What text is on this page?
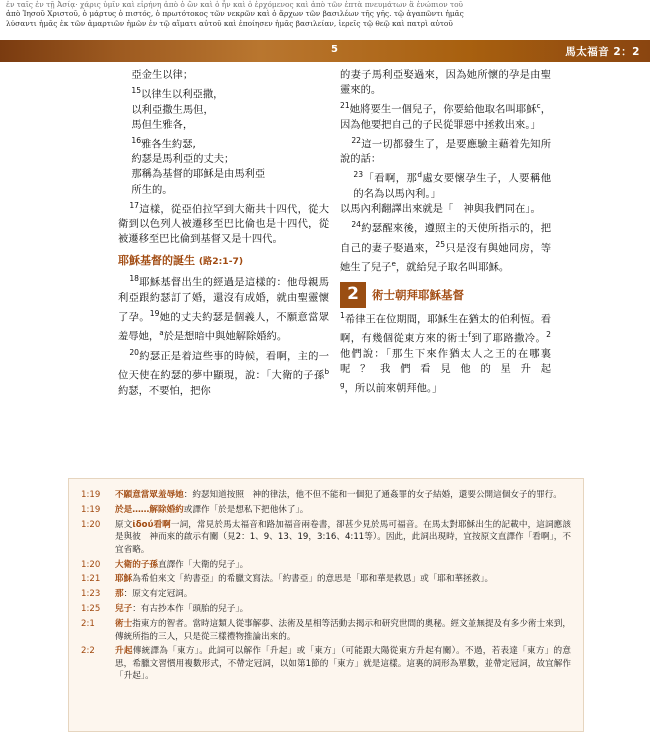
ἐν ταῖς ἐν τῇ Ἀσίᾳ· χάρις ὑμῖν καὶ εἰρήνη ἀπὸ ὁ ὢν καὶ ὁ ἦν καὶ ὁ ἐρχόμενος καὶ ἀπὸ τῶν ἑπτὰ πνευμάτων ἃ ἐνώπιον τοῦ
ἀπὸ Ἰησοῦ Χριστοῦ, ὁ μάρτυς ὁ πιστός, ὁ πρωτότοκος τῶν νεκρῶν καὶ ὁ ἄρχων τῶν βασιλέων τῆς γῆς. τῷ ἀγαπῶντι ἡμᾶς
λύσαντι ἡμᾶς ἐκ τῶν ἁμαρτιῶν ἡμῶν ἐν τῷ αἵματι αὐτοῦ καὶ ἐποίησεν ἡμᾶς βασιλείαν, ἱερεῖς τῷ θεῷ καὶ πατρὶ αὐτοῦ
5	馬太福音 2：2

亞金生以律；

$^{15}$以律生以利亞撒，

以利亞撒生馬但，

馬但生雅各，

$^{16}$雅各生約瑟,

約瑟是馬利亞的丈夫；

那稱為基督的耶穌是由馬利亞

所生的。

$^{17}$這樣，從亞伯拉罕到大衛共十四代，從大衛到以色列人被遷移至巴比倫也是十四代，從被遷移至巴比倫到基督又是十四代。

耶穌基督的誕生 (路2:1-7)

$^{18}$耶穌基督出生的經過是這樣的：他母親馬利亞跟約瑟訂了婚，還沒有成婚，就由聖靈懷了孕。$^{19}$她的丈夫約瑟是個義人，不願意當眾羞辱她，$^a$於是想暗中與她解除婚約。

$^{20}$約瑟正是着這些事的時候，看啊，主的一位天使在約瑟的夢中顯現，說：「大衛的子孫$^b$約瑟，不要怕，把你

的妻子馬利亞娶過來，因為她所懷的孕是由聖靈來的。

$^{21}$她將要生一個兒子，你要給他取名叫耶穌$^c$，因為他要把自己的子民從罪惡中拯救出來。」

$^{22}$這一切都發生了，是要應驗主藉着先知所說的話：

$^{23}$「看啊，那$^d$處女要懷孕生子，人要稱他的名為以馬內利。」

以馬內利翻譯出來就是「　神與我們同在」。

$^{24}$約瑟醒來後，遵照主的天使所指示的，把自己的妻子娶過來，$^{25}$只是沒有與她同房，等她生了兒子$^e$，就給兒子取名叫耶穌。

2	術士朝拜耶穌基督

$^1$希律王在位期間，耶穌生在猶太的伯利恆。看啊，有幾個從東方來的術士$^f$到了耶路撒冷。$^2$他們說：「那生下來作猶太人之王的在哪裏呢？我們看見他的星升起$^g$，所以前來朝拜他。」

1:19	不願意當眾羞辱她：約瑟知道按照　神的律法，他不但不能和一個犯了通姦罪的女子結婚，還要公開這個女子的罪行。
1:19	於是……解除婚約或譯作「於是想私下把他休了」。
1:20	原文ἰδού看啊一詞，常見於馬太福音和路加福音兩卷書，卻甚少見於馬可福音。在馬太對耶穌出生的記載中，這詞應該是與彼　神而來的啟示有關（見2：1、9、13、19，3:16、4:11等）。因此，此詞出現時，宜按原文直譯作「看啊」，不宜省略。
1:20	大衛的子孫直譯作「大衛的兒子」。
1:21	耶穌為希伯來文「約書亞」的希臘文寫法。「約書亞」的意思是「耶和華是救恩」或「耶和華拯救」。
1:23	那：原文有定冠詞。
1:25	兒子：有古抄本作「頭胎的兒子」。
2:1	術士指東方的智者。當時這類人從事解夢、法術及星相等活動去揭示和研究世間的奧秘。經文並無提及有多少術士來到，傳統所指的三人，只是從三樣禮物推論出來的。
2:2	升起傳統譯為「東方」。此詞可以解作「升起」或「東方」（可能跟大陽從東方升起有關）。不過，若表達「東方」的意思，希臘文習慣用複數形式，不帶定冠詞，以如第1節的「東方」就是這樣。這裏的詞形為單數，並帶定冠詞，故宜解作「升起」。
